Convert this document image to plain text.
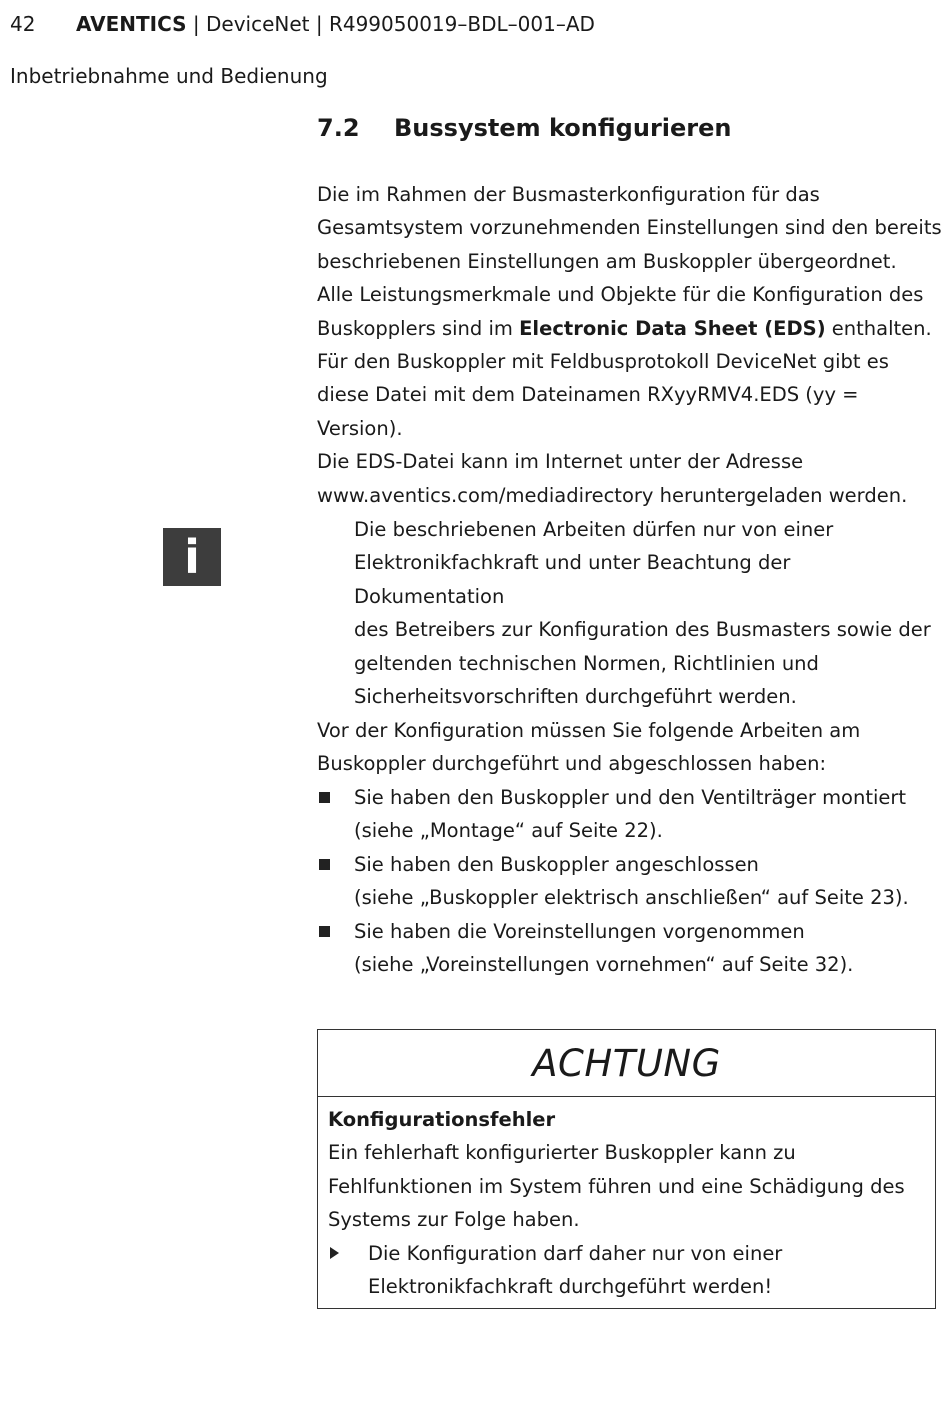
42 AVENTICS | DeviceNet | R499050019–BDL–001–AD
Inbetriebnahme und Bedienung
7.2 Bussystem konfigurieren
Die im Rahmen der Busmasterkonfiguration für das
Gesamtsystem vorzunehmenden Einstellungen sind den bereits
beschriebenen Einstellungen am Buskoppler übergeordnet.
Alle Leistungsmerkmale und Objekte für die Konfiguration des
Buskopplers sind im Electronic Data Sheet (EDS) enthalten.
Für den Buskoppler mit Feldbusprotokoll DeviceNet gibt es
diese Datei mit dem Dateinamen RXyyRMV4.EDS (yy = Version).
Die EDS-Datei kann im Internet unter der Adresse
www.aventics.com/mediadirectory heruntergeladen werden.
i
Die beschriebenen Arbeiten dürfen nur von einer
Elektronikfachkraft und unter Beachtung der Dokumentation
des Betreibers zur Konfiguration des Busmasters sowie der
geltenden technischen Normen, Richtlinien und
Sicherheitsvorschriften durchgeführt werden.
Vor der Konfiguration müssen Sie folgende Arbeiten am
Buskoppler durchgeführt und abgeschlossen haben:
Sie haben den Buskoppler und den Ventilträger montiert
(siehe „Montage“ auf Seite 22).
Sie haben den Buskoppler angeschlossen
(siehe „Buskoppler elektrisch anschließen“ auf Seite 23).
Sie haben die Voreinstellungen vorgenommen
(siehe „Voreinstellungen vornehmen“ auf Seite 32).
ACHTUNG
Konfigurationsfehler
Ein fehlerhaft konfigurierter Buskoppler kann zu
Fehlfunktionen im System führen und eine Schädigung des
Systems zur Folge haben.
Die Konfiguration darf daher nur von einer
Elektronikfachkraft durchgeführt werden!
